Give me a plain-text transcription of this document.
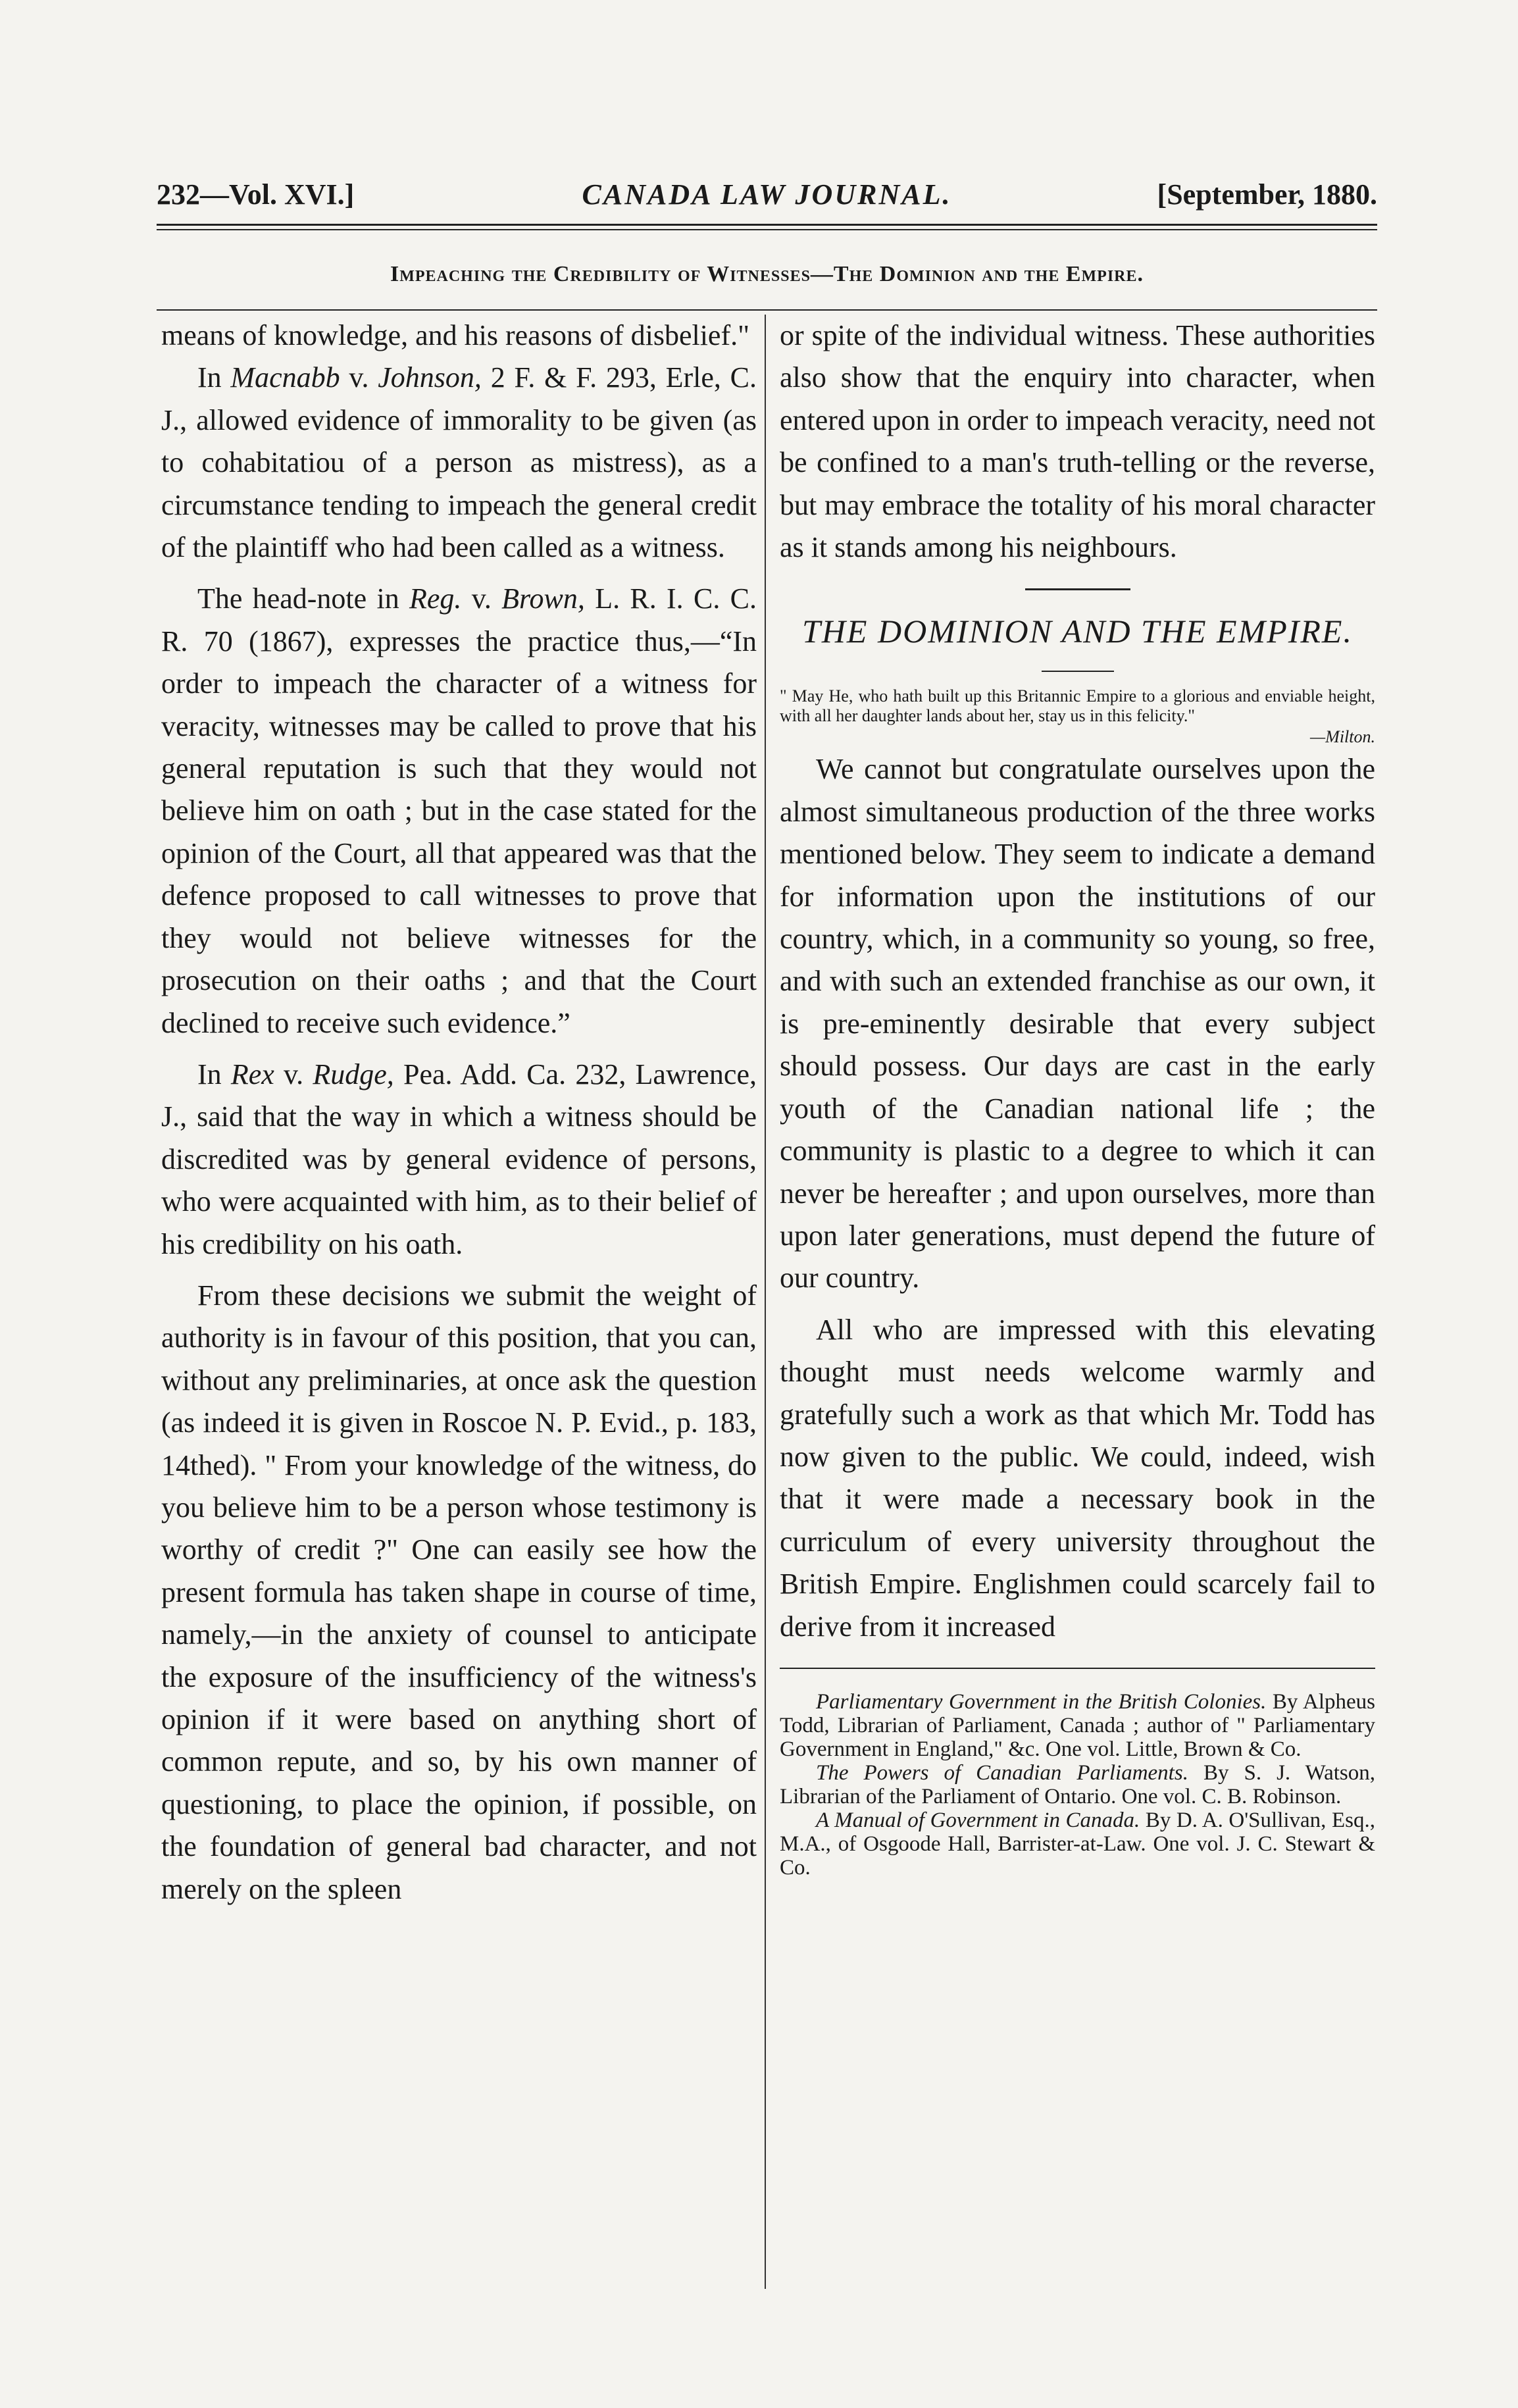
232—Vol. XVI.]	CANADA LAW JOURNAL.	[September, 1880.
Impeaching the Credibility of Witnesses—The Dominion and the Empire.

means of knowledge, and his reasons of disbelief."

In Macnabb v. Johnson, 2 F. & F. 293, Erle, C. J., allowed evidence of immorality to be given (as to cohabitatiou of a person as mistress), as a circumstance tending to impeach the general credit of the plaintiff who had been called as a witness.

The head-note in Reg. v. Brown, L. R. I. C. C. R. 70 (1867), expresses the practice thus,—“In order to impeach the character of a witness for veracity, witnesses may be called to prove that his general reputation is such that they would not believe him on oath ; but in the case stated for the opinion of the Court, all that appeared was that the defence proposed to call witnesses to prove that they would not believe witnesses for the prosecution on their oaths ; and that the Court declined to receive such evidence.”

In Rex v. Rudge, Pea. Add. Ca. 232, Lawrence, J., said that the way in which a witness should be discredited was by general evidence of persons, who were acquainted with him, as to their belief of his credibility on his oath.

From these decisions we submit the weight of authority is in favour of this position, that you can, without any preliminaries, at once ask the question (as indeed it is given in Roscoe N. P. Evid., p. 183, 14thed). " From your knowledge of the witness, do you believe him to be a person whose testimony is worthy of credit ?" One can easily see how the present formula has taken shape in course of time, namely,—in the anxiety of counsel to anticipate the exposure of the insufficiency of the witness's opinion if it were based on anything short of common repute, and so, by his own manner of questioning, to place the opinion, if possible, on the foundation of general bad character, and not merely on the spleen

or spite of the individual witness. These authorities also show that the enquiry into character, when entered upon in order to impeach veracity, need not be confined to a man's truth-telling or the reverse, but may embrace the totality of his moral character as it stands among his neighbours.

THE DOMINION AND THE EMPIRE.

" May He, who hath built up this Britannic Empire to a glorious and enviable height, with all her daughter lands about her, stay us in this felicity."

—Milton.

We cannot but congratulate ourselves upon the almost simultaneous production of the three works mentioned below. They seem to indicate a demand for information upon the institutions of our country, which, in a community so young, so free, and with such an extended franchise as our own, it is pre-eminently desirable that every subject should possess. Our days are cast in the early youth of the Canadian national life ; the community is plastic to a degree to which it can never be hereafter ; and upon ourselves, more than upon later generations, must depend the future of our country.

All who are impressed with this elevating thought must needs welcome warmly and gratefully such a work as that which Mr. Todd has now given to the public. We could, indeed, wish that it were made a necessary book in the curriculum of every university throughout the British Empire. Englishmen could scarcely fail to derive from it increased

Parliamentary Government in the British Colonies. By Alpheus Todd, Librarian of Parliament, Canada ; author of " Parliamentary Government in England," &c. One vol. Little, Brown & Co.

The Powers of Canadian Parliaments. By S. J. Watson, Librarian of the Parliament of Ontario. One vol. C. B. Robinson.

A Manual of Government in Canada. By D. A. O'Sullivan, Esq., M.A., of Osgoode Hall, Barrister-at-Law. One vol. J. C. Stewart & Co.
